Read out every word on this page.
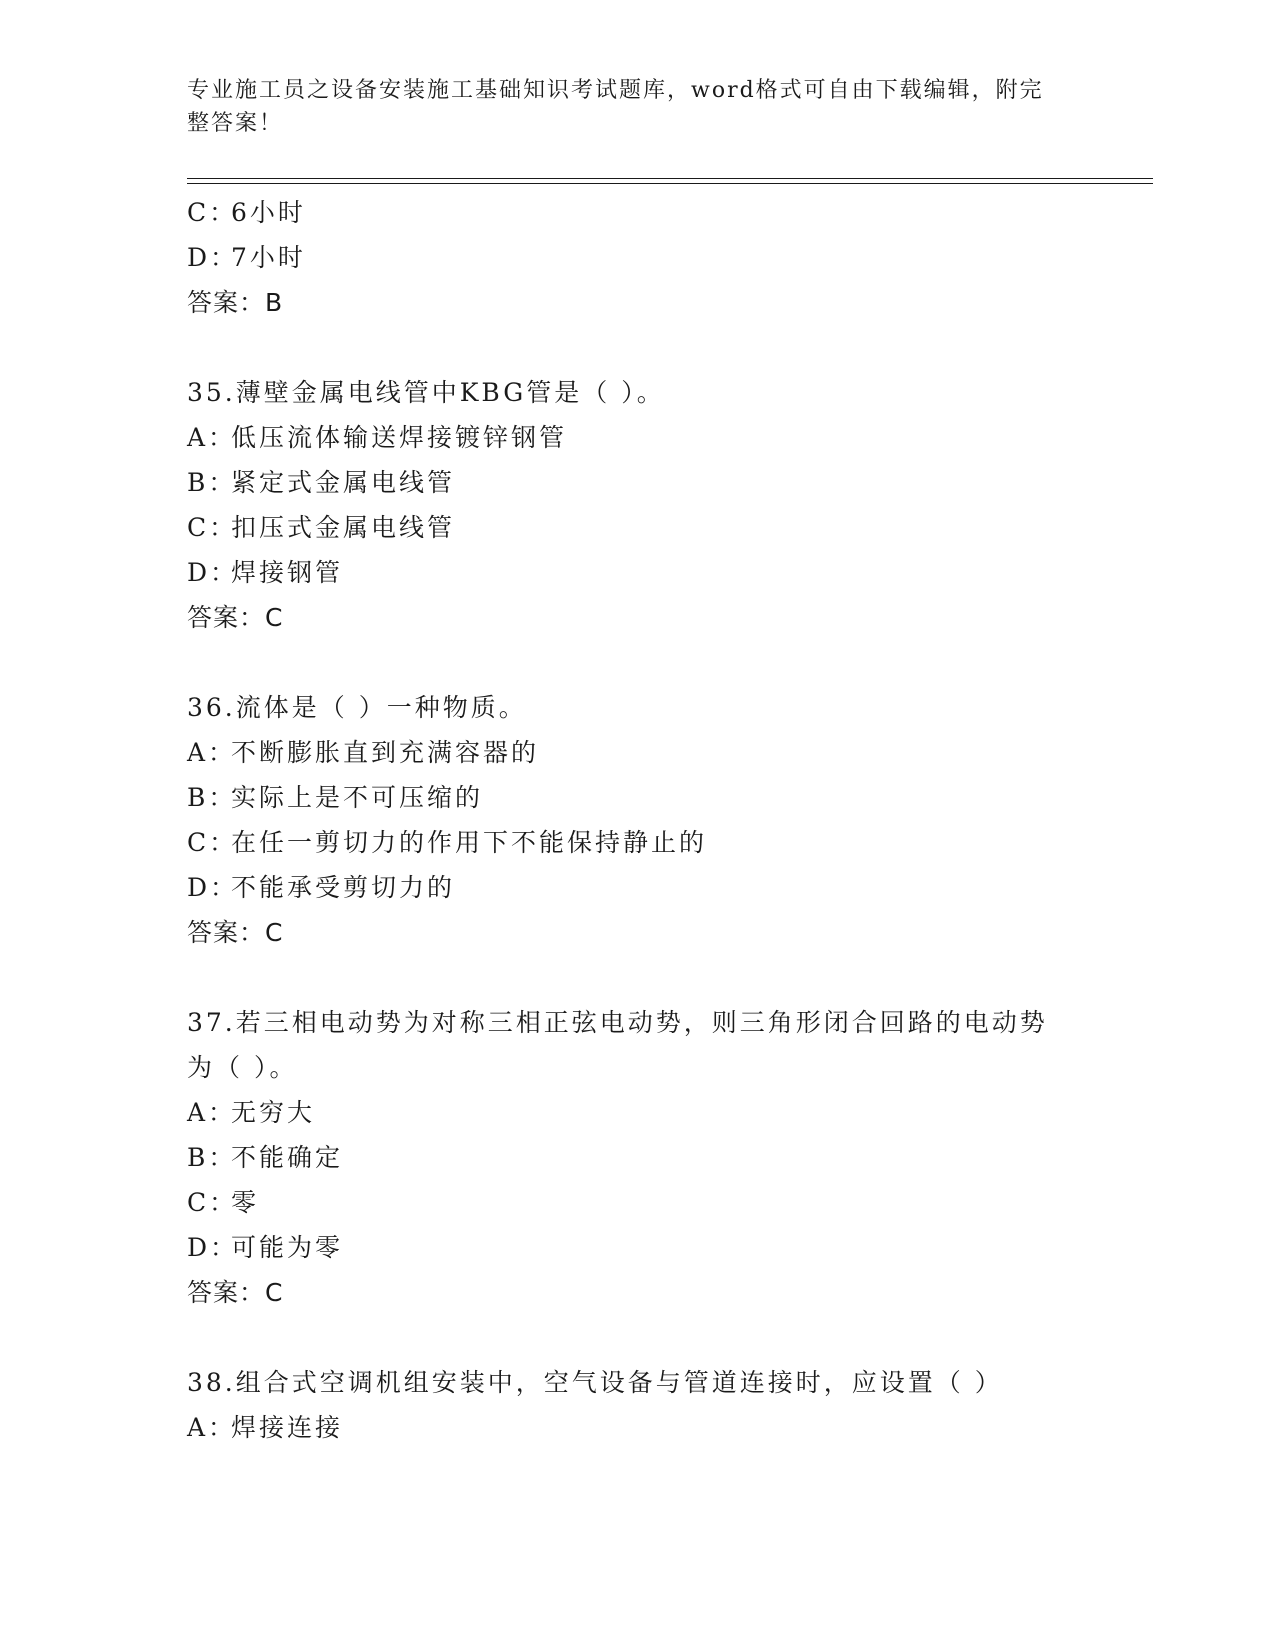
专业施工员之设备安装施工基础知识考试题库，word格式可自由下载编辑，附完
整答案！
C：6小时
D：7小时
答案：B
35.薄壁金属电线管中KBG管是（ ）。
A：低压流体输送焊接镀锌钢管
B：紧定式金属电线管
C：扣压式金属电线管
D：焊接钢管
答案：C
36.流体是（ ）一种物质。
A：不断膨胀直到充满容器的
B：实际上是不可压缩的
C：在任一剪切力的作用下不能保持静止的
D：不能承受剪切力的
答案：C
37.若三相电动势为对称三相正弦电动势，则三角形闭合回路的电动势
为（ ）。
A：无穷大
B：不能确定
C：零
D：可能为零
答案：C
38.组合式空调机组安装中，空气设备与管道连接时，应设置（ ）
A：焊接连接
